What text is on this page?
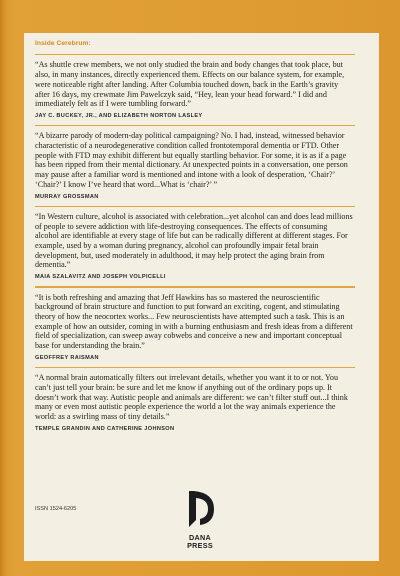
Inside Cerebrum:

“As shuttle crew members, we not only studied the brain and body changes that took place, but also, in many instances, directly experienced them. Effects on our balance system, for example, were noticeable right after landing. After Columbia touched down, back in the Earth’s gravity after 16 days, my crewmate Jim Pawelczyk said, “Hey, lean your head forward.” I did and immediately felt as if I were tumbling forward.”

JAY C. BUCKEY, JR., AND ELIZABETH NORTON LASLEY

“A bizarre parody of modern-day political campaigning? No. I had, instead, witnessed behavior characteristic of a neurodegenerative condition called frontotemporal dementia or FTD. Other people with FTD may exhibit different but equally startling behavior. For some, it is as if a page has been ripped from their mental dictionary. At unexpected points in a conversation, one person may pause after a familiar word is mentioned and intone with a look of desperation, ‘Chair?’ ‘Chair?’ I know I’ve heard that word...What is ‘chair?’ ”

MURRAY GROSSMAN

“In Western culture, alcohol is associated with celebration...yet alcohol can and does lead millions of people to severe addiction with life-destroying consequences. The effects of consuming alcohol are identifiable at every stage of life but can be radically different at different stages. For example, used by a woman during pregnancy, alcohol can profoundly impair fetal brain development, but, used moderately in adulthood, it may help protect the aging brain from dementia.”

MAIA SZALAVITZ AND JOSEPH VOLPICELLI

“It is both refreshing and amazing that Jeff Hawkins has so mastered the neuroscientific background of brain structure and function to put forward an exciting, cogent, and stimulating theory of how the neocortex works... Few neuroscientists have attempted such a task. This is an example of how an outsider, coming in with a burning enthusiasm and fresh ideas from a different field of specialization, can sweep away cobwebs and conceive a new and important conceptual base for understanding the brain.”

GEOFFREY RAISMAN

“A normal brain automatically filters out irrelevant details, whether you want it to or not. You can’t just tell your brain: be sure and let me know if anything out of the ordinary pops up. It doesn’t work that way. Autistic people and animals are different: we can’t filter stuff out...I think many or even most autistic people experience the world a lot the way animals experience the world: as a swirling mass of tiny details.”

TEMPLE GRANDIN AND CATHERINE JOHNSON

ISSN 1524-6205
DANA
PRESS
